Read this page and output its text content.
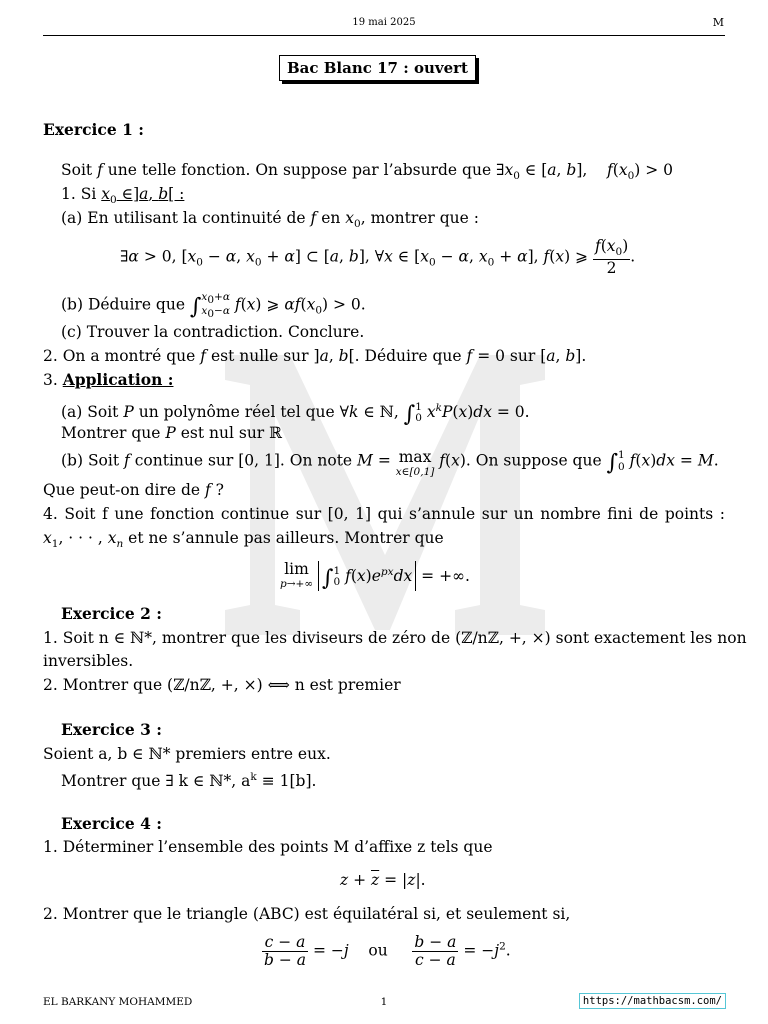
19 mai 2025	M
Bac Blanc 17 : ouvert
Exercice 1 :
Soit f une telle fonction. On suppose par l’absurde que $\exists x_0$ ∈ [a, b],    $f(x_0) > 0$
1. Si $x_0$ ∈]a, b[ :
(a) En utilisant la continuité de f en $x_0$, montrer que :
∃α > 0, [$x_0 - \alpha$, $x_0 + \alpha$] ⊂ [a, b], ∀x ∈ [$x_0 - \alpha$, $x_0 + \alpha$], f(x) ⩾ $\frac{f(x_0)}{2}$ .
(b) Déduire que $\int x_0+\alpha$
$x_0-\alpha$ f(x) ⩾ $\alpha f(x_0) > 0$.
(c) Trouver la contradiction. Conclure.
2. On a montré que f est nulle sur ]a, b[. Déduire que f = 0 sur [a, b].
3. Application :
(a) Soit P un polynôme réel tel que ∀k ∈ ℕ, ∫1
0 $x^kP(x)dx = 0$.
Montrer que P est nul sur ℝ
(b) Soit f continue sur [0, 1]. On note M = max
x∈[0,1]
f(x). On suppose que ∫1
0 f(x)dx = M.
Que peut-on dire de f ?
4. Soit f une fonction continue sur [0, 1] qui s’annule sur un nombre fini de points :
$x_1$, · · · , $x_n$ et ne s’annule pas ailleurs. Montrer que
lim
p→+∞ ∫1
0 $f(x)e^{px}dx$ = +∞.
Exercice 2 :
1. Soit n ∈ ℕ*, montrer que les diviseurs de zéro de (ℤ/nℤ, +, ×) sont exactement les non
inversibles.
2. Montrer que (ℤ/nℤ, +, ×) ⟺ n est premier
Exercice 3 :
Soient a, b ∈ ℕ* premiers entre eux.
Montrer que ∃ k ∈ ℕ*, $a^k \equiv 1[b]$.
Exercice 4 :
1. Déterminer l’ensemble des points M d’affixe z tels que
$z + \overline{z} = |z|$.
2. Montrer que le triangle (ABC) est équilatéral si, et seulement si,
$\frac{c - a}{b - a} = -j$ ou $\frac{b - a}{c - a} = -j^2$.
EL BARKANY MOHAMMED	1	https://mathbacsm.com/
